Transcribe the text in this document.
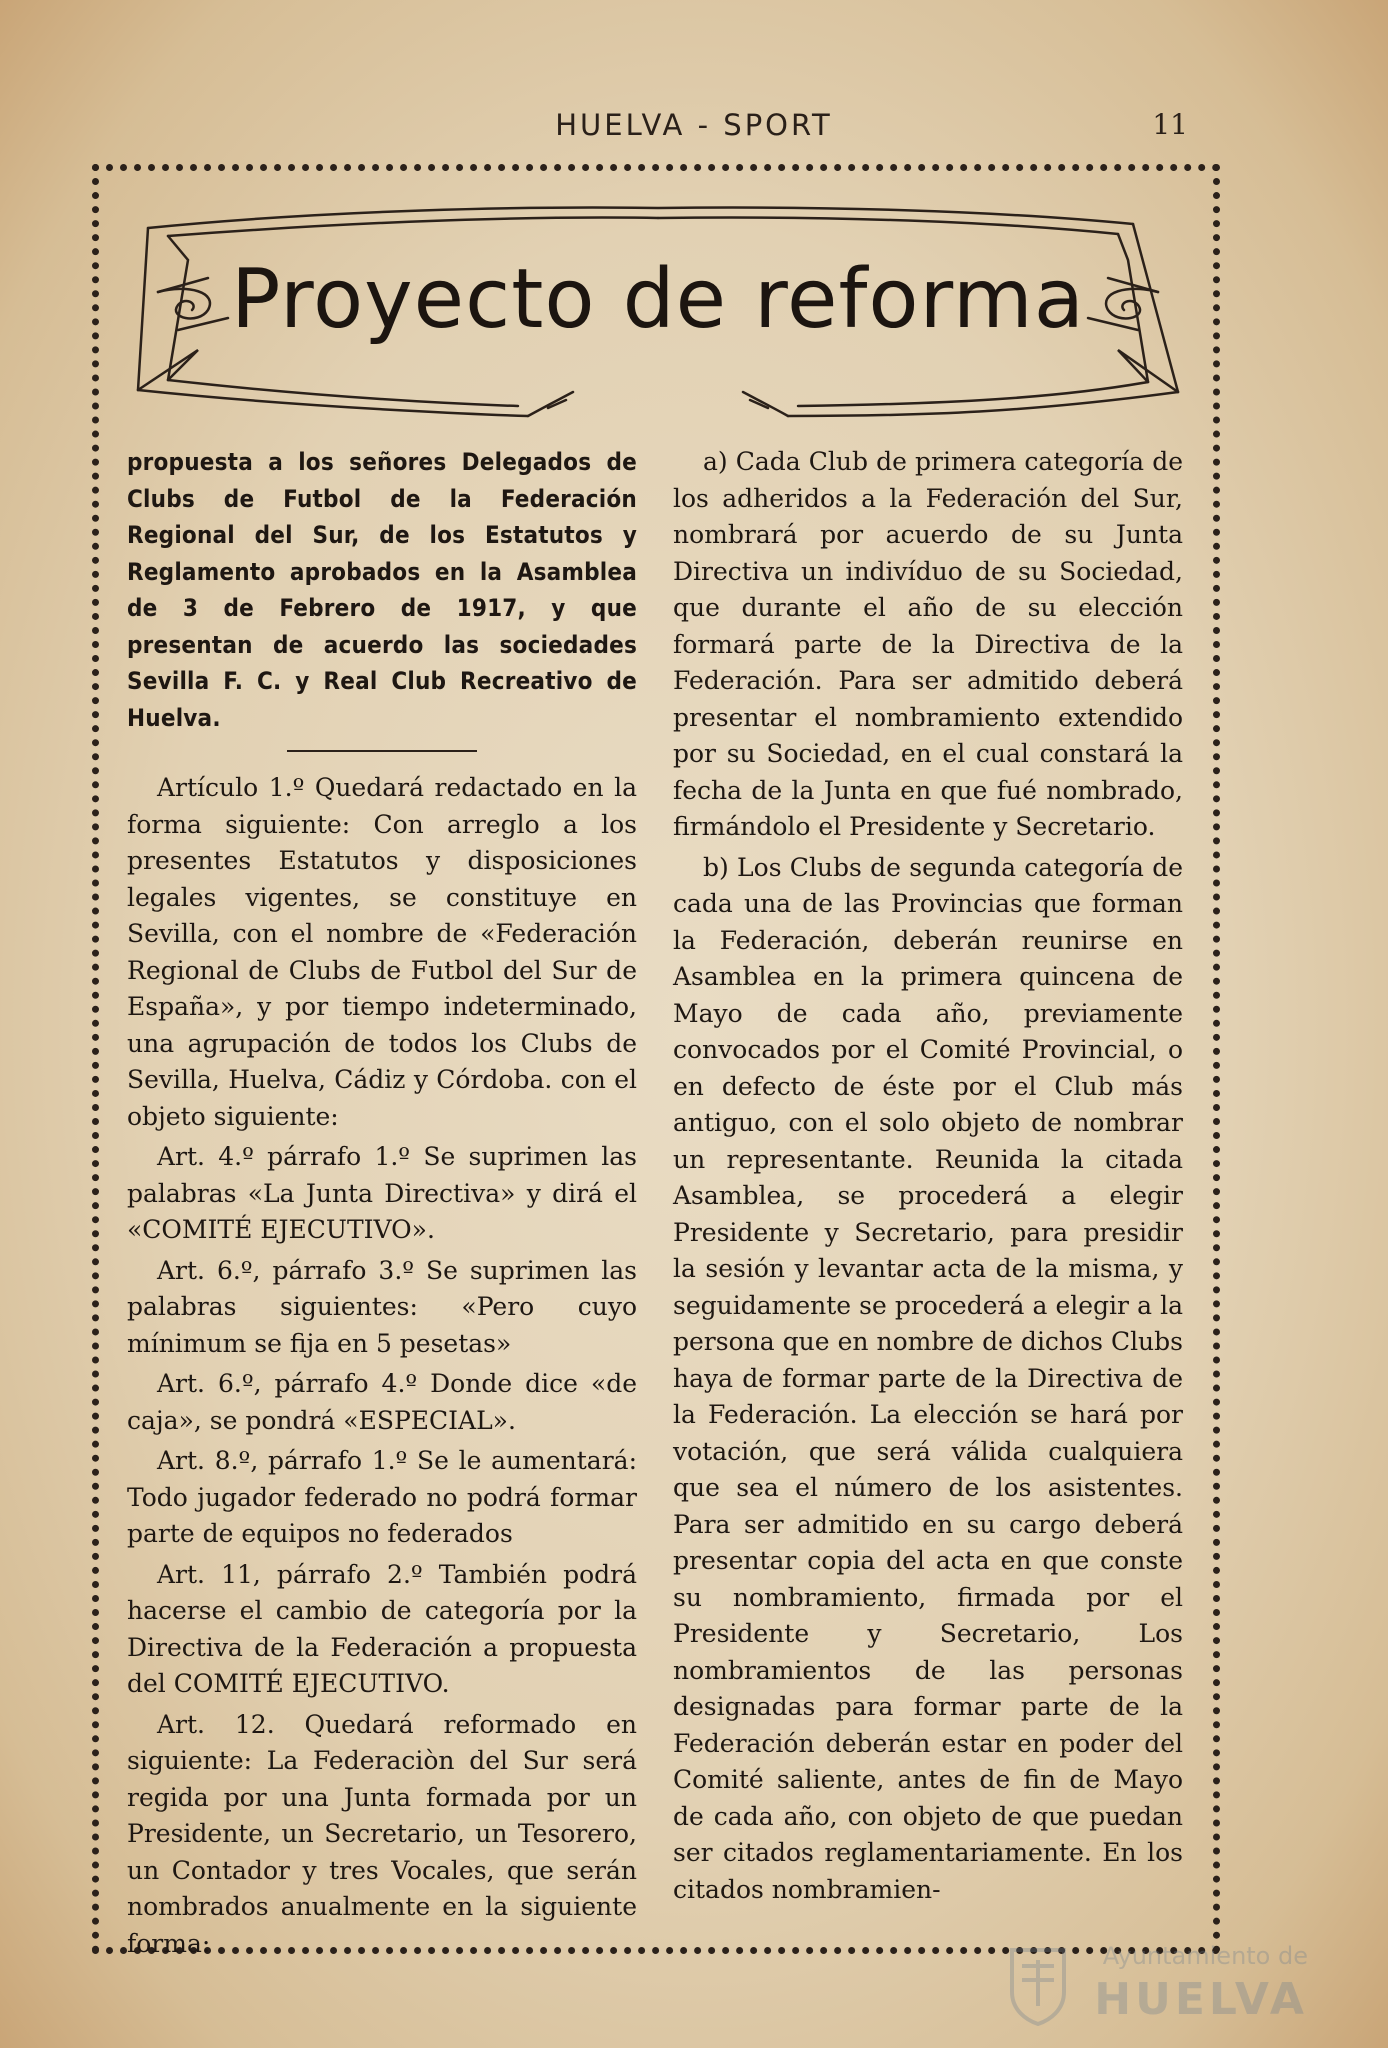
HUELVA - SPORT	11
Proyecto de reforma

propuesta a los señores Delegados de Clubs de Futbol de la Federación Regional del Sur, de los Estatutos y Reglamento aprobados en la Asamblea de 3 de Febrero de 1917, y que presentan de acuerdo las sociedades Sevilla F. C. y Real Club Recreativo de Huelva.

Artículo 1.º Quedará redactado en la forma siguiente: Con arreglo a los presentes Estatutos y disposiciones legales vigentes, se constituye en Sevilla, con el nombre de «Federación Regional de Clubs de Futbol del Sur de España», y por tiempo indeterminado, una agrupación de todos los Clubs de Sevilla, Huelva, Cádiz y Córdoba. con el objeto siguiente:

Art. 4.º párrafo 1.º Se suprimen las palabras «La Junta Directiva» y dirá el «COMITÉ EJECUTIVO».

Art. 6.º, párrafo 3.º Se suprimen las palabras siguientes: «Pero cuyo mínimum se fija en 5 pesetas»

Art. 6.º, párrafo 4.º Donde dice «de caja», se pondrá «ESPECIAL».

Art. 8.º, párrafo 1.º Se le aumentará: Todo jugador federado no podrá formar parte de equipos no federados

Art. 11, párrafo 2.º También podrá hacerse el cambio de categoría por la Directiva de la Federación a propuesta del COMITÉ EJECUTIVO.

Art. 12. Quedará reformado en siguiente: La Federaciòn del Sur será regida por una Junta formada por un Presidente, un Secretario, un Tesorero, un Contador y tres Vocales, que serán nombrados anualmente en la siguiente forma:

a) Cada Club de primera categoría de los adheridos a la Federación del Sur, nombrará por acuerdo de su Junta Directiva un indivíduo de su Sociedad, que durante el año de su elección formará parte de la Directiva de la Federación. Para ser admitido deberá presentar el nombramiento extendido por su Sociedad, en el cual constará la fecha de la Junta en que fué nombrado, firmándolo el Presidente y Secretario.

b) Los Clubs de segunda categoría de cada una de las Provincias que forman la Federación, deberán reunirse en Asamblea en la primera quincena de Mayo de cada año, previamente convocados por el Comité Provincial, o en defecto de éste por el Club más antiguo, con el solo objeto de nombrar un representante. Reunida la citada Asamblea, se procederá a elegir Presidente y Secretario, para presidir la sesión y levantar acta de la misma, y seguidamente se procederá a elegir a la persona que en nombre de dichos Clubs haya de formar parte de la Directiva de la Federación. La elección se hará por votación, que será válida cualquiera que sea el número de los asistentes. Para ser admitido en su cargo deberá presentar copia del acta en que conste su nombramiento, firmada por el Presidente y Secretario, Los nombramientos de las personas designadas para formar parte de la Federación deberán estar en poder del Comité saliente, antes de fin de Mayo de cada año, con objeto de que puedan ser citados reglamentariamente. En los citados nombramien-

Ayuntamiento de
HUELVA
